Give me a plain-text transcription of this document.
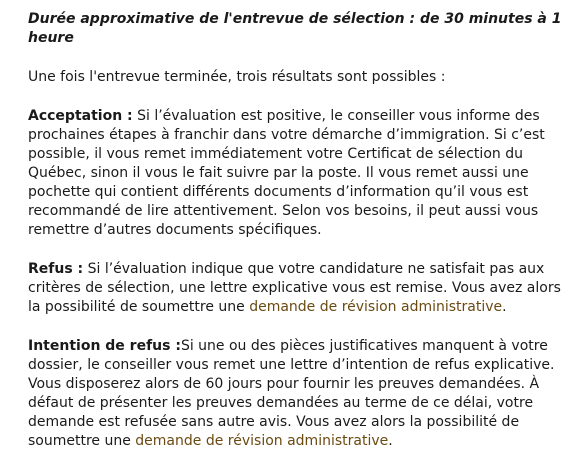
Durée approximative de l'entrevue de sélection : de 30 minutes à 1 heure

Une fois l'entrevue terminée, trois résultats sont possibles :

Acceptation : Si l’évaluation est positive, le conseiller vous informe des prochaines étapes à franchir dans votre démarche d’immigration. Si c’est possible, il vous remet immédiatement votre Certificat de sélection du Québec, sinon il vous le fait suivre par la poste. Il vous remet aussi une pochette qui contient différents documents d’information qu’il vous est recommandé de lire attentivement. Selon vos besoins, il peut aussi vous remettre d’autres documents spécifiques.

Refus : Si l’évaluation indique que votre candidature ne satisfait pas aux critères de sélection, une lettre explicative vous est remise. Vous avez alors la possibilité de soumettre une demande de révision administrative.

Intention de refus :Si une ou des pièces justificatives manquent à votre dossier, le conseiller vous remet une lettre d’intention de refus explicative. Vous disposerez alors de 60 jours pour fournir les preuves demandées. À défaut de présenter les preuves demandées au terme de ce délai, votre demande est refusée sans autre avis. Vous avez alors la possibilité de soumettre une demande de révision administrative.
